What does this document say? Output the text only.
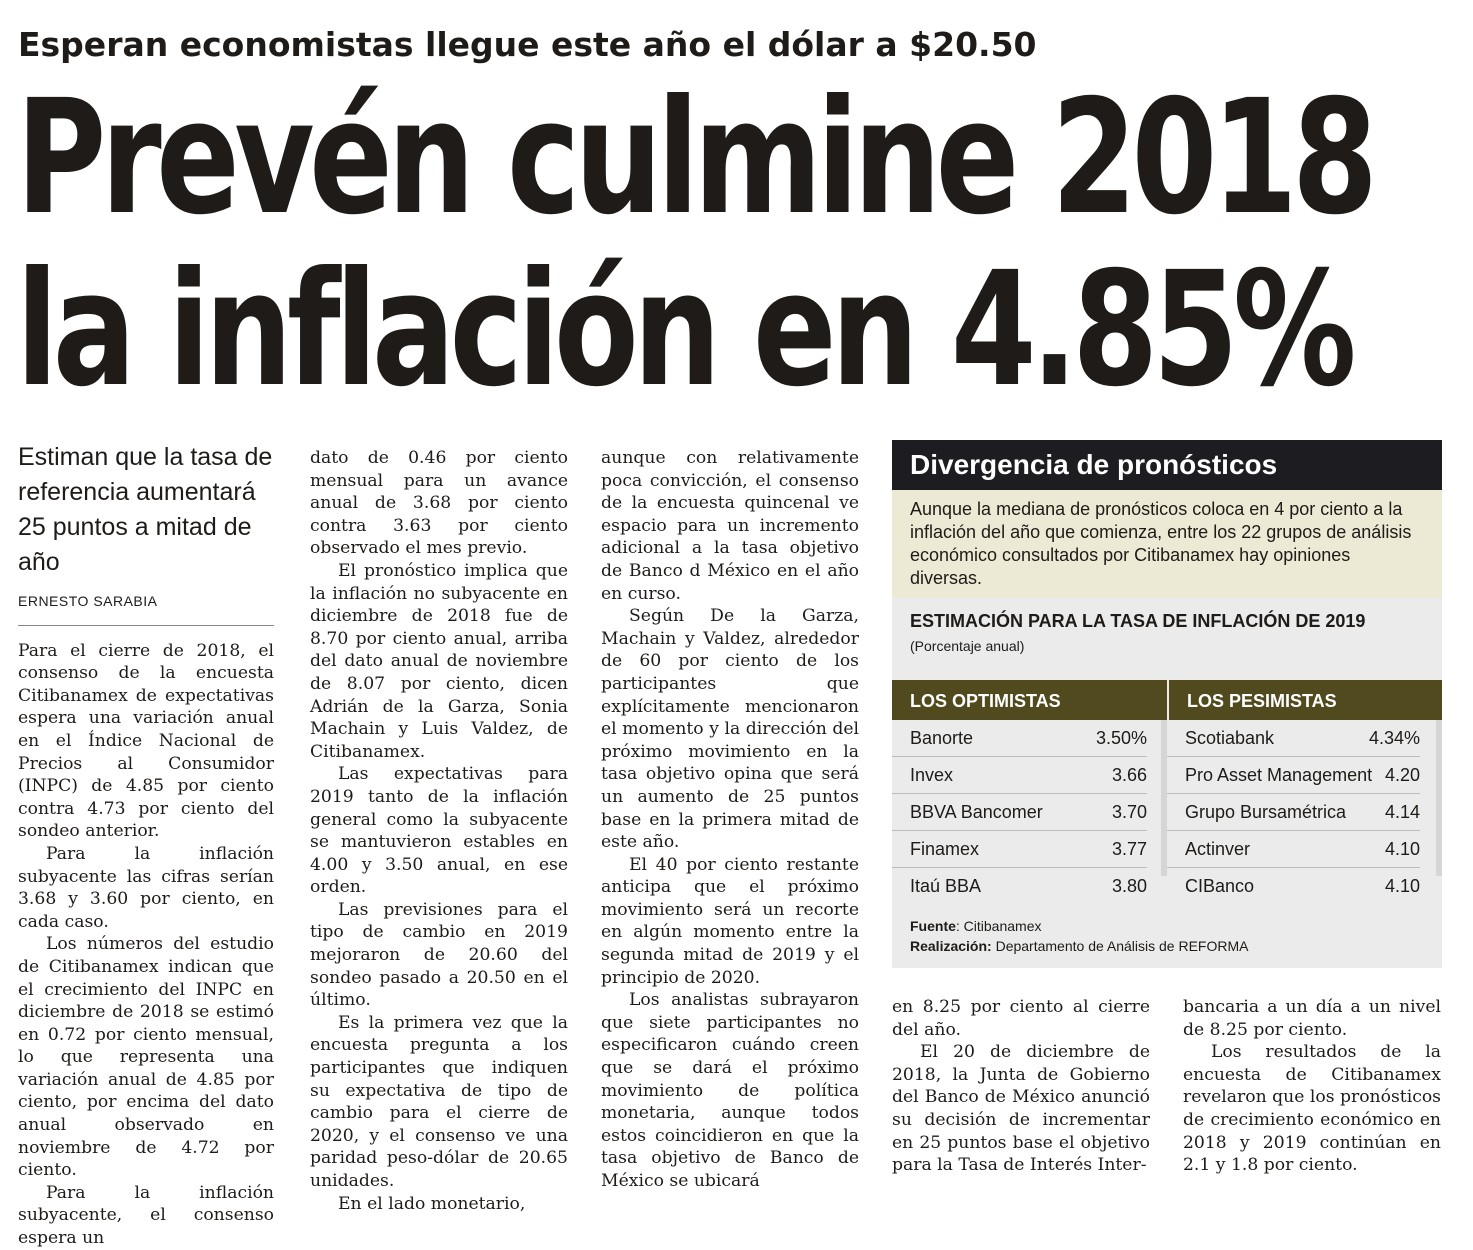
Esperan economistas llegue este año el dólar a $20.50
Prevén culmine 2018
la inflación en 4.85%
Estiman que la tasa de referencia aumentará 25 puntos a mitad de año
ERNESTO SARABIA

Para el cierre de 2018, el consenso de la encuesta Citibanamex de expectativas espera una variación anual en el Índice Nacional de Precios al Consumidor (INPC) de 4.85 por ciento contra 4.73 por ciento del sondeo anterior.

Para la inflación subyacente las cifras serían 3.68 y 3.60 por ciento, en cada caso.

Los números del estudio de Citibanamex indican que el crecimiento del INPC en diciembre de 2018 se estimó en 0.72 por ciento mensual, lo que representa una variación anual de 4.85 por ciento, por encima del dato anual observado en noviembre de 4.72 por ciento.

Para la inflación subyacente, el consenso espera un

dato de 0.46 por ciento mensual para un avance anual de 3.68 por ciento contra 3.63 por ciento observado el mes previo.

El pronóstico implica que la inflación no subyacente en diciembre de 2018 fue de 8.70 por ciento anual, arriba del dato anual de noviembre de 8.07 por ciento, dicen Adrián de la Garza, Sonia Machain y Luis Valdez, de Citibanamex.

Las expectativas para 2019 tanto de la inflación general como la subyacente se mantuvieron estables en 4.00 y 3.50 anual, en ese orden.

Las previsiones para el tipo de cambio en 2019 mejoraron de 20.60 del sondeo pasado a 20.50 en el último.

Es la primera vez que la encuesta pregunta a los participantes que indiquen su expectativa de tipo de cambio para el cierre de 2020, y el consenso ve una paridad peso-dólar de 20.65 unidades.

En el lado monetario,

aunque con relativamente poca convicción, el consenso de la encuesta quincenal ve espacio para un incremento adicional a la tasa objetivo de Banco d México en el año en curso.

Según De la Garza, Machain y Valdez, alrededor de 60 por ciento de los participantes que explícitamente mencionaron el momento y la dirección del próximo movimiento en la tasa objetivo opina que será un aumento de 25 puntos base en la primera mitad de este año.

El 40 por ciento restante anticipa que el próximo movimiento será un recorte en algún momento entre la segunda mitad de 2019 y el principio de 2020.

Los analistas subrayaron que siete participantes no especificaron cuándo creen que se dará el próximo movimiento de política monetaria, aunque todos estos coincidieron en que la tasa objetivo de Banco de México se ubicará

en 8.25 por ciento al cierre del año.

El 20 de diciembre de 2018, la Junta de Gobierno del Banco de México anunció su decisión de incrementar en 25 puntos base el objetivo para la Tasa de Interés Inter-

bancaria a un día a un nivel de 8.25 por ciento.

Los resultados de la encuesta de Citibanamex revelaron que los pronósticos de crecimiento económico en 2018 y 2019 continúan en 2.1 y 1.8 por ciento.

Divergencia de pronósticos
Aunque la mediana de pronósticos coloca en 4 por ciento a la inflación del año que comienza, entre los 22 grupos de análisis económico consultados por Citibanamex hay opiniones diversas.
ESTIMACIÓN PARA LA TASA DE INFLACIÓN DE 2019
(Porcentaje anual)
LOS OPTIMISTAS
Banorte	3.50%
Invex	3.66
BBVA Bancomer	3.70
Finamex	3.77
Itaú BBA	3.80
LOS PESIMISTAS
Scotiabank	4.34%
Pro Asset Management 4.20
Grupo Bursamétrica 4.14
Actinver	4.10
CIBanco	4.10
Fuente: Citibanamex
Realización: Departamento de Análisis de REFORMA
